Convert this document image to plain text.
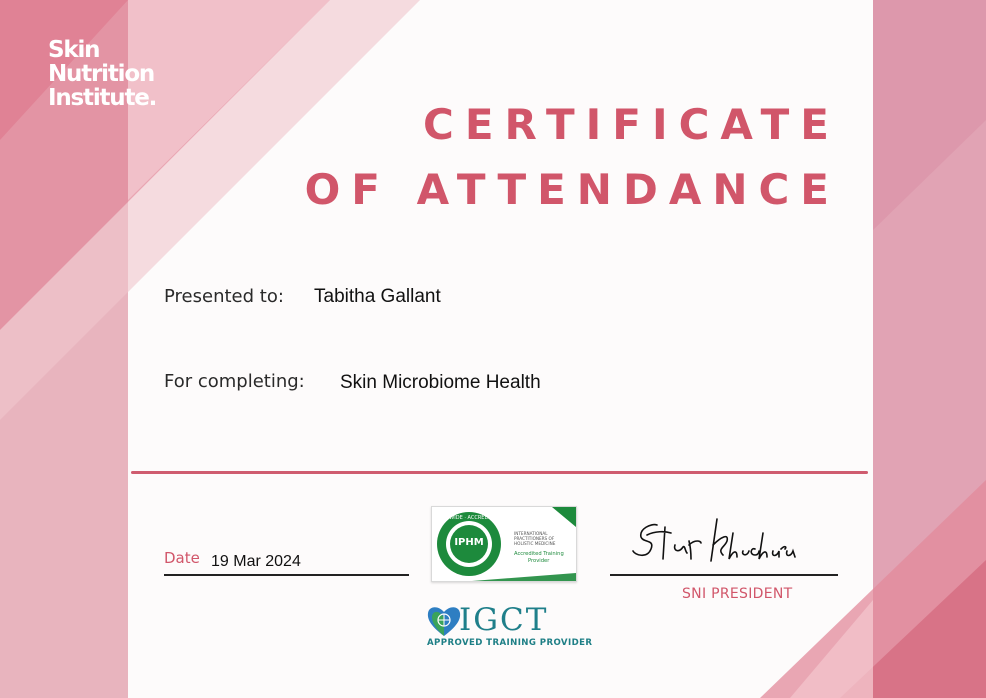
Skin
Nutrition
Institute.
CERTIFICATE
OF ATTENDANCE
Presented to: Tabitha Gallant
For completing: Skin Microbiome Health
Date 19 Mar 2024
IPHM
WORLDWIDE · ACCREDITATION
INTERNATIONAL
PRACTITIONERS OF
HOLISTIC MEDICINE
Accredited Training
Provider
IGCT
APPROVED TRAINING PROVIDER
SNI PRESIDENT
